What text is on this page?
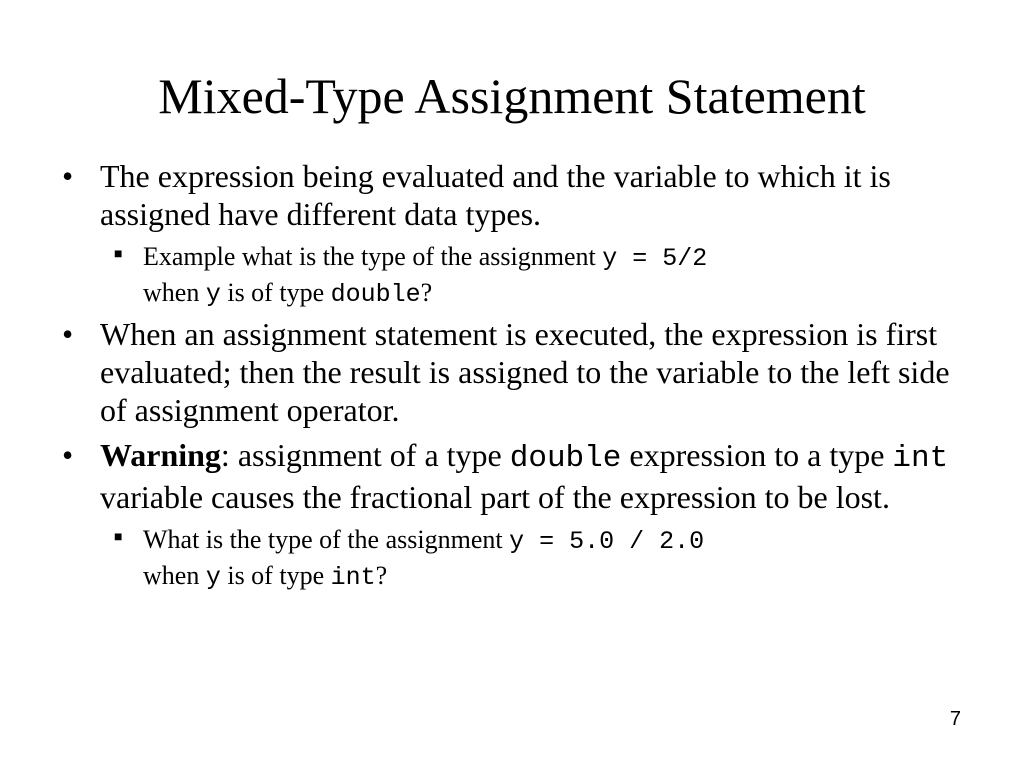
Mixed-Type Assignment Statement
• The expression being evaluated and the variable to which it is assigned have different data types.
■ Example what is the type of the assignment y = 5/2
when y is of type double?
• When an assignment statement is executed, the expression is first evaluated; then the result is assigned to the variable to the left side of assignment operator.
• Warning: assignment of a type double expression to a type int variable causes the fractional part of the expression to be lost.
■ What is the type of the assignment y = 5.0 / 2.0
when y is of type int?
7
